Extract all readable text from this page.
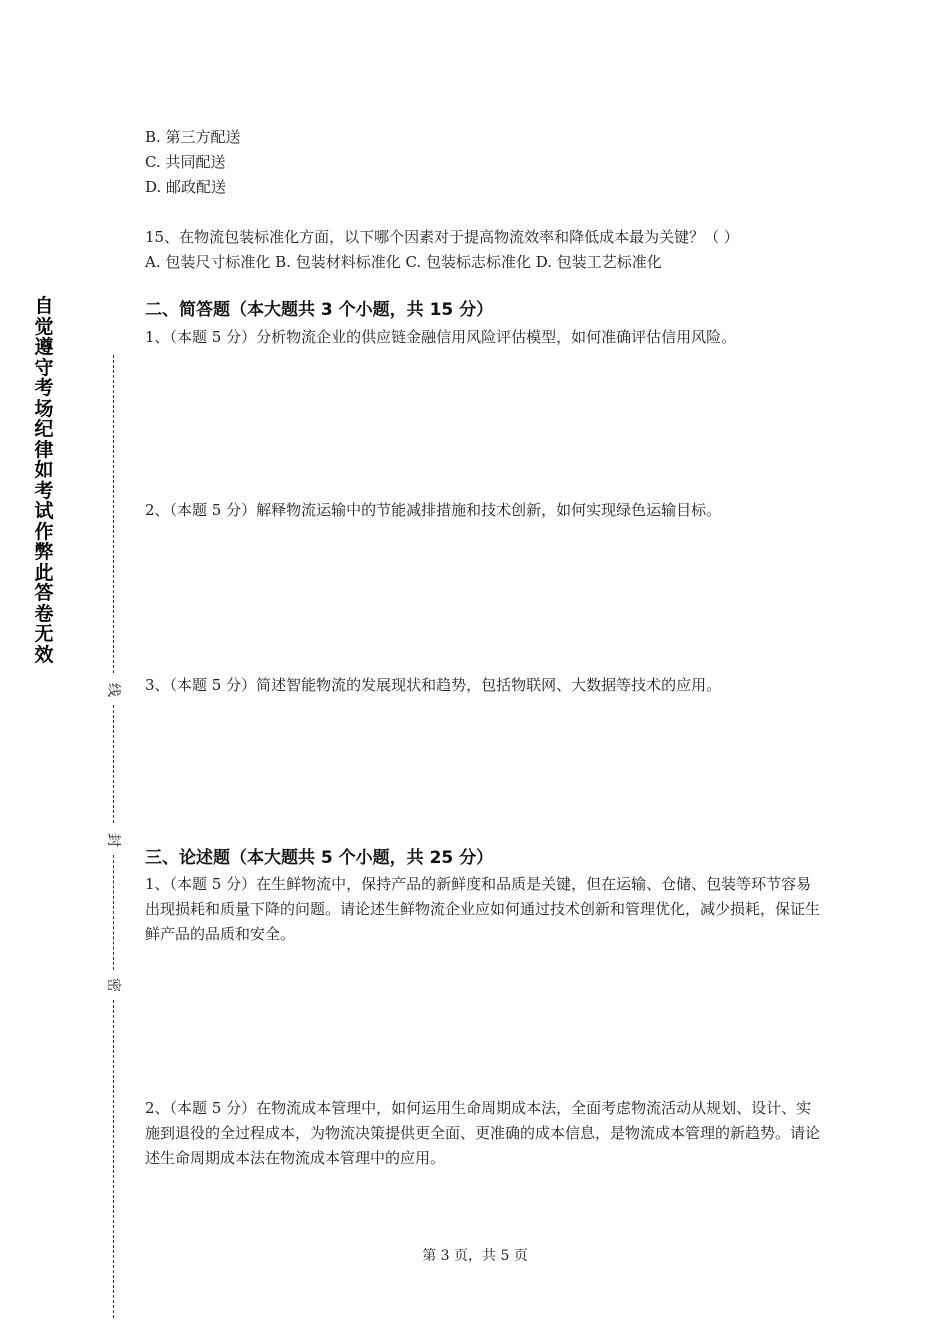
自觉遵守考场纪律如考试作弊此答卷无效
线
封
密
B. 第三方配送
C. 共同配送
D. 邮政配送
15、在物流包装标准化方面，以下哪个因素对于提高物流效率和降低成本最为关键？（ ）
A. 包装尺寸标准化 B. 包装材料标准化 C. 包装标志标准化 D. 包装工艺标准化
二、简答题（本大题共 3 个小题，共 15 分）
1、（本题 5 分）分析物流企业的供应链金融信用风险评估模型，如何准确评估信用风险。
2、（本题 5 分）解释物流运输中的节能减排措施和技术创新，如何实现绿色运输目标。
3、（本题 5 分）简述智能物流的发展现状和趋势，包括物联网、大数据等技术的应用。
三、论述题（本大题共 5 个小题，共 25 分）
1、（本题 5 分）在生鲜物流中，保持产品的新鲜度和品质是关键，但在运输、仓储、包装等环节容易出现损耗和质量下降的问题。请论述生鲜物流企业应如何通过技术创新和管理优化，减少损耗，保证生鲜产品的品质和安全。
2、（本题 5 分）在物流成本管理中，如何运用生命周期成本法，全面考虑物流活动从规划、设计、实施到退役的全过程成本，为物流决策提供更全面、更准确的成本信息，是物流成本管理的新趋势。请论述生命周期成本法在物流成本管理中的应用。
第 3 页，共 5 页
